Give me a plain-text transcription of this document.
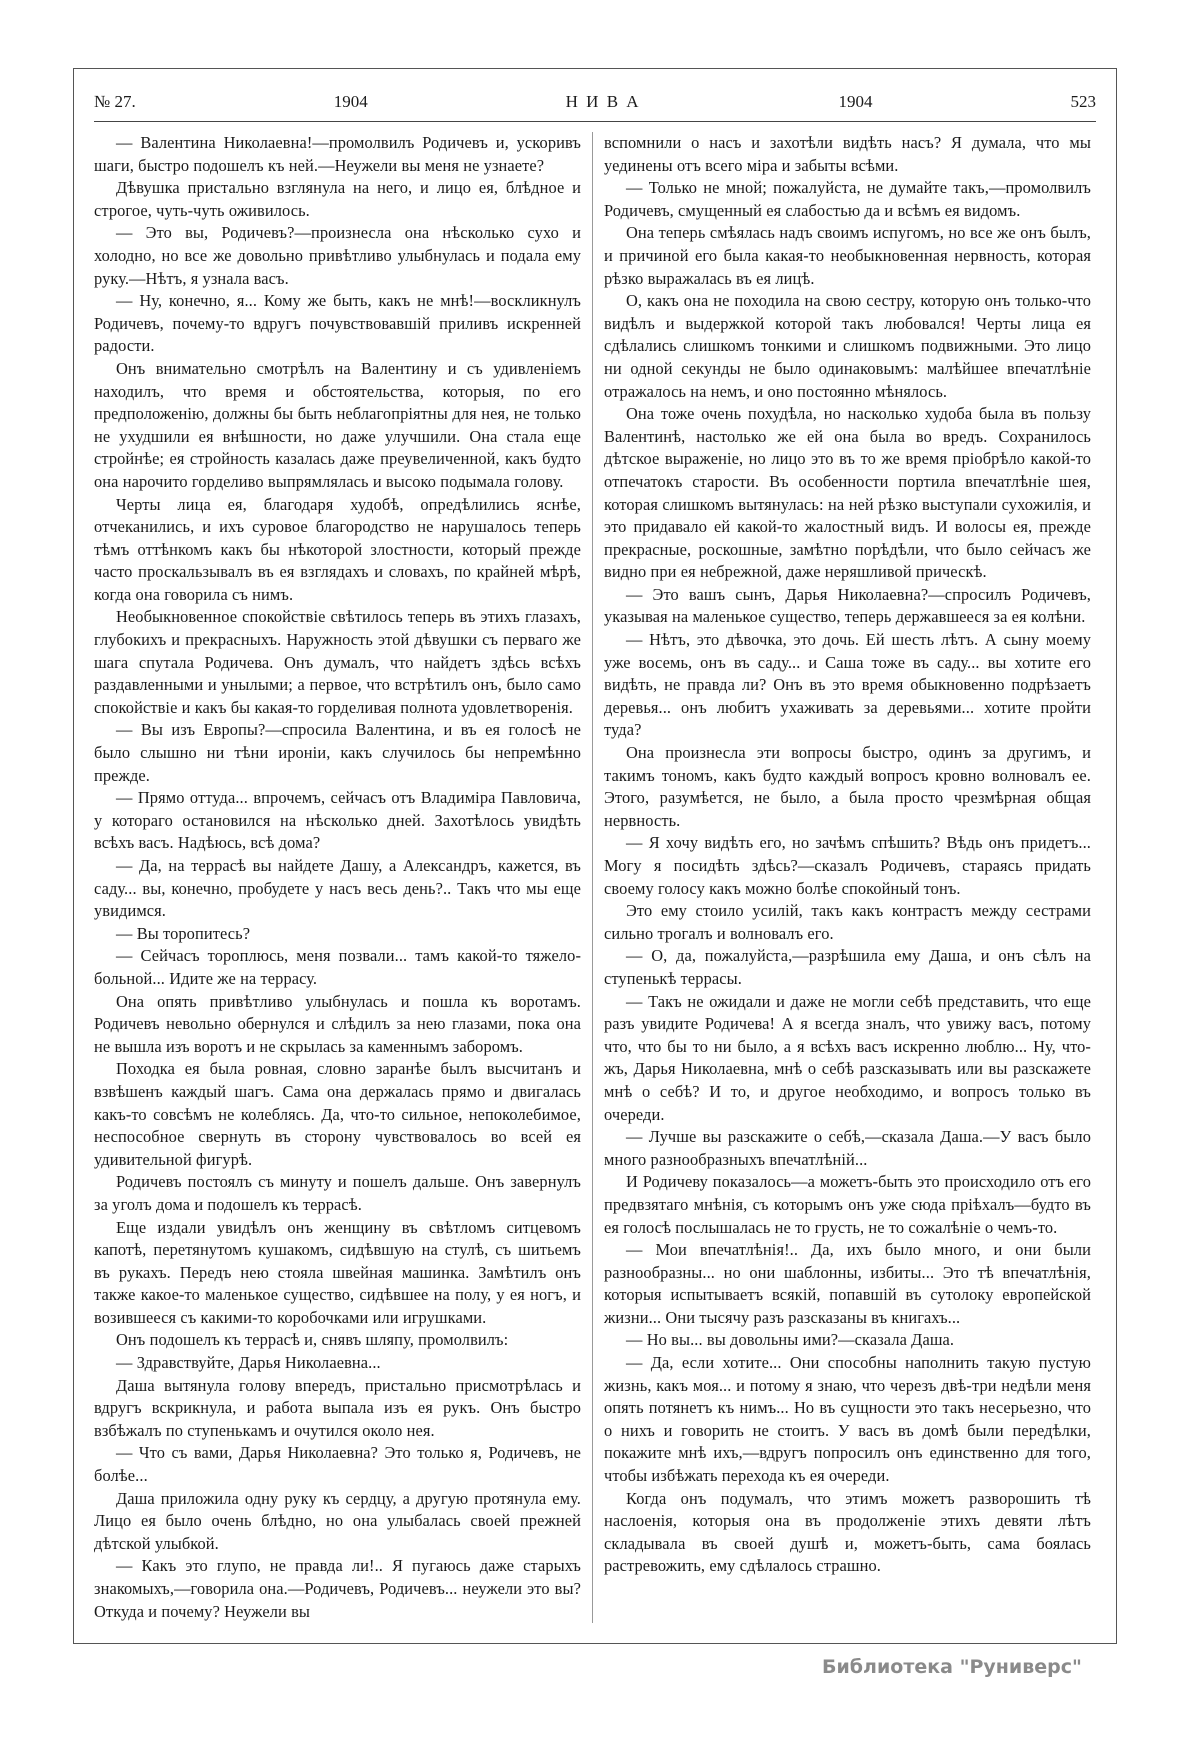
№ 27.	1904	Н И В А	1904	523

— Валентина Николаевна!—промолвилъ Родичевъ и, ускоривъ шаги, быстро подошелъ къ ней.—Неужели вы меня не узнаете?

Дѣвушка пристально взглянула на него, и лицо ея, блѣдное и строгое, чуть-чуть оживилось.

— Это вы, Родичевъ?—произнесла она нѣсколько сухо и холодно, но все же довольно привѣтливо улыбнулась и подала ему руку.—Нѣтъ, я узнала васъ.

— Ну, конечно, я... Кому же быть, какъ не мнѣ!—воскликнулъ Родичевъ, почему-то вдругъ почувствовавшій приливъ искренней радости.

Онъ внимательно смотрѣлъ на Валентину и съ удивленіемъ находилъ, что время и обстоятельства, которыя, по его предположенію, должны бы быть неблагопріятны для нея, не только не ухудшили ея внѣшности, но даже улучшили. Она стала еще стройнѣе; ея стройность казалась даже преувеличенной, какъ будто она нарочито горделиво выпрямлялась и высоко подымала голову.

Черты лица ея, благодаря худобѣ, опредѣлились яснѣе, отчеканились, и ихъ суровое благородство не нарушалось теперь тѣмъ оттѣнкомъ какъ бы нѣкоторой злостности, который прежде часто проскальзывалъ въ ея взглядахъ и словахъ, по крайней мѣрѣ, когда она говорила съ нимъ.

Необыкновенное спокойствіе свѣтилось теперь въ этихъ глазахъ, глубокихъ и прекрасныхъ. Наружность этой дѣвушки съ перваго же шага спутала Родичева. Онъ думалъ, что найдетъ здѣсь всѣхъ раздавленными и унылыми; а первое, что встрѣтилъ онъ, было само спокойствіе и какъ бы какая-то горделивая полнота удовлетворенія.

— Вы изъ Европы?—спросила Валентина, и въ ея голосѣ не было слышно ни тѣни ироніи, какъ случилось бы непремѣнно прежде.

— Прямо оттуда... впрочемъ, сейчасъ отъ Владиміра Павловича, у котораго остановился на нѣсколько дней. Захотѣлось увидѣть всѣхъ васъ. Надѣюсь, всѣ дома?

— Да, на террасѣ вы найдете Дашу, а Александръ, кажется, въ саду... вы, конечно, пробудете у насъ весь день?.. Такъ что мы еще увидимся.

— Вы торопитесь?

— Сейчасъ тороплюсь, меня позвали... тамъ какой-то тяжело-больной... Идите же на террасу.

Она опять привѣтливо улыбнулась и пошла къ воротамъ. Родичевъ невольно обернулся и слѣдилъ за нею глазами, пока она не вышла изъ воротъ и не скрылась за каменнымъ заборомъ.

Походка ея была ровная, словно заранѣе былъ высчитанъ и взвѣшенъ каждый шагъ. Сама она держалась прямо и двигалась какъ-то совсѣмъ не колеблясь. Да, что-то сильное, непоколебимое, неспособное свернуть въ сторону чувствовалось во всей ея удивительной фигурѣ.

Родичевъ постоялъ съ минуту и пошелъ дальше. Онъ завернулъ за уголъ дома и подошелъ къ террасѣ.

Еще издали увидѣлъ онъ женщину въ свѣтломъ ситцевомъ капотѣ, перетянутомъ кушакомъ, сидѣвшую на стулѣ, съ шитьемъ въ рукахъ. Передъ нею стояла швейная машинка. Замѣтилъ онъ также какое-то маленькое существо, сидѣвшее на полу, у ея ногъ, и возившееся съ какими-то коробочками или игрушками.

Онъ подошелъ къ террасѣ и, снявъ шляпу, промолвилъ:

— Здравствуйте, Дарья Николаевна...

Даша вытянула голову впередъ, пристально присмотрѣлась и вдругъ вскрикнула, и работа выпала изъ ея рукъ. Онъ быстро взбѣжалъ по ступенькамъ и очутился около нея.

— Что съ вами, Дарья Николаевна? Это только я, Родичевъ, не болѣе...

Даша приложила одну руку къ сердцу, а другую протянула ему. Лицо ея было очень блѣдно, но она улыбалась своей прежней дѣтской улыбкой.

— Какъ это глупо, не правда ли!.. Я пугаюсь даже старыхъ знакомыхъ,—говорила она.—Родичевъ, Родичевъ... неужели это вы? Откуда и почему? Неужели вы

вспомнили о насъ и захотѣли видѣть насъ? Я думала, что мы уединены отъ всего міра и забыты всѣми.

— Только не мной; пожалуйста, не думайте такъ,—промолвилъ Родичевъ, смущенный ея слабостью да и всѣмъ ея видомъ.

Она теперь смѣялась надъ своимъ испугомъ, но все же онъ былъ, и причиной его была какая-то необыкновенная нервность, которая рѣзко выражалась въ ея лицѣ.

О, какъ она не походила на свою сестру, которую онъ только-что видѣлъ и выдержкой которой такъ любовался! Черты лица ея сдѣлались слишкомъ тонкими и слишкомъ подвижными. Это лицо ни одной секунды не было одинаковымъ: малѣйшее впечатлѣніе отражалось на немъ, и оно постоянно мѣнялось.

Она тоже очень похудѣла, но насколько худоба была въ пользу Валентинѣ, настолько же ей она была во вредъ. Сохранилось дѣтское выраженіе, но лицо это въ то же время пріобрѣло какой-то отпечатокъ старости. Въ особенности портила впечатлѣніе шея, которая слишкомъ вытянулась: на ней рѣзко выступали сухожилія, и это придавало ей какой-то жалостный видъ. И волосы ея, прежде прекрасные, роскошные, замѣтно порѣдѣли, что было сейчасъ же видно при ея небрежной, даже неряшливой прическѣ.

— Это вашъ сынъ, Дарья Николаевна?—спросилъ Родичевъ, указывая на маленькое существо, теперь державшееся за ея колѣни.

— Нѣтъ, это дѣвочка, это дочь. Ей шесть лѣтъ. А сыну моему уже восемь, онъ въ саду... и Саша тоже въ саду... вы хотите его видѣть, не правда ли? Онъ въ это время обыкновенно подрѣзаетъ деревья... онъ любитъ ухаживать за деревьями... хотите пройти туда?

Она произнесла эти вопросы быстро, одинъ за другимъ, и такимъ тономъ, какъ будто каждый вопросъ кровно волновалъ ее. Этого, разумѣется, не было, а была просто чрезмѣрная общая нервность.

— Я хочу видѣть его, но зачѣмъ спѣшить? Вѣдь онъ придетъ... Могу я посидѣть здѣсь?—сказалъ Родичевъ, стараясь придать своему голосу какъ можно болѣе спокойный тонъ.

Это ему стоило усилій, такъ какъ контрастъ между сестрами сильно трогалъ и волновалъ его.

— О, да, пожалуйста,—разрѣшила ему Даша, и онъ сѣлъ на ступенькѣ террасы.

— Такъ не ожидали и даже не могли себѣ представить, что еще разъ увидите Родичева! А я всегда зналъ, что увижу васъ, потому что, что бы то ни было, а я всѣхъ васъ искренно люблю... Ну, что-жъ, Дарья Николаевна, мнѣ о себѣ разсказывать или вы разскажете мнѣ о себѣ? И то, и другое необходимо, и вопросъ только въ очереди.

— Лучше вы разскажите о себѣ,—сказала Даша.—У васъ было много разнообразныхъ впечатлѣній...

И Родичеву показалось—а можетъ-быть это происходило отъ его предвзятаго мнѣнія, съ которымъ онъ уже сюда пріѣхалъ—будто въ ея голосѣ послышалась не то грусть, не то сожалѣніе о чемъ-то.

— Мои впечатлѣнія!.. Да, ихъ было много, и они были разнообразны... но они шаблонны, избиты... Это тѣ впечатлѣнія, которыя испытываетъ всякій, попавшій въ сутолоку европейской жизни... Они тысячу разъ разсказаны въ книгахъ...

— Но вы... вы довольны ими?—сказала Даша.

— Да, если хотите... Они способны наполнить такую пустую жизнь, какъ моя... и потому я знаю, что черезъ двѣ-три недѣли меня опять потянетъ къ нимъ... Но въ сущности это такъ несерьезно, что о нихъ и говорить не стоитъ. У васъ въ домѣ были передѣлки, покажите мнѣ ихъ,—вдругъ попросилъ онъ единственно для того, чтобы избѣжать перехода къ ея очереди.

Когда онъ подумалъ, что этимъ можетъ разворошить тѣ наслоенія, которыя она въ продолженіе этихъ девяти лѣтъ складывала въ своей душѣ и, можетъ-быть, сама боялась растревожить, ему сдѣлалось страшно.

Библиотека "Руниверс"
